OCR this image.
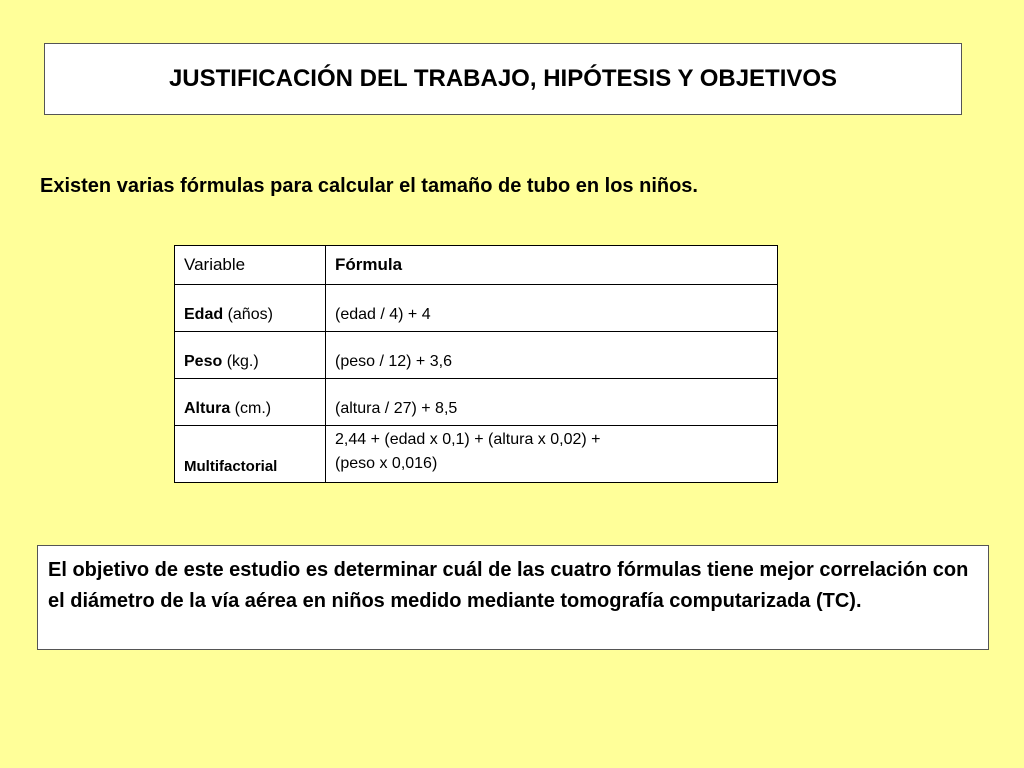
JUSTIFICACIÓN DEL TRABAJO, HIPÓTESIS Y OBJETIVOS
Existen varias fórmulas para calcular el tamaño de tubo en los niños.
Variable	Fórmula
Edad (años)	(edad / 4) + 4
Peso (kg.)	(peso / 12) + 3,6
Altura (cm.)	(altura / 27) + 8,5
Multifactorial	2,44 + (edad x 0,1) + (altura x 0,02) +
(peso x 0,016)
El objetivo de este estudio es determinar cuál de las cuatro fórmulas tiene mejor correlación con el diámetro de la vía aérea en niños medido mediante tomografía computarizada (TC).
